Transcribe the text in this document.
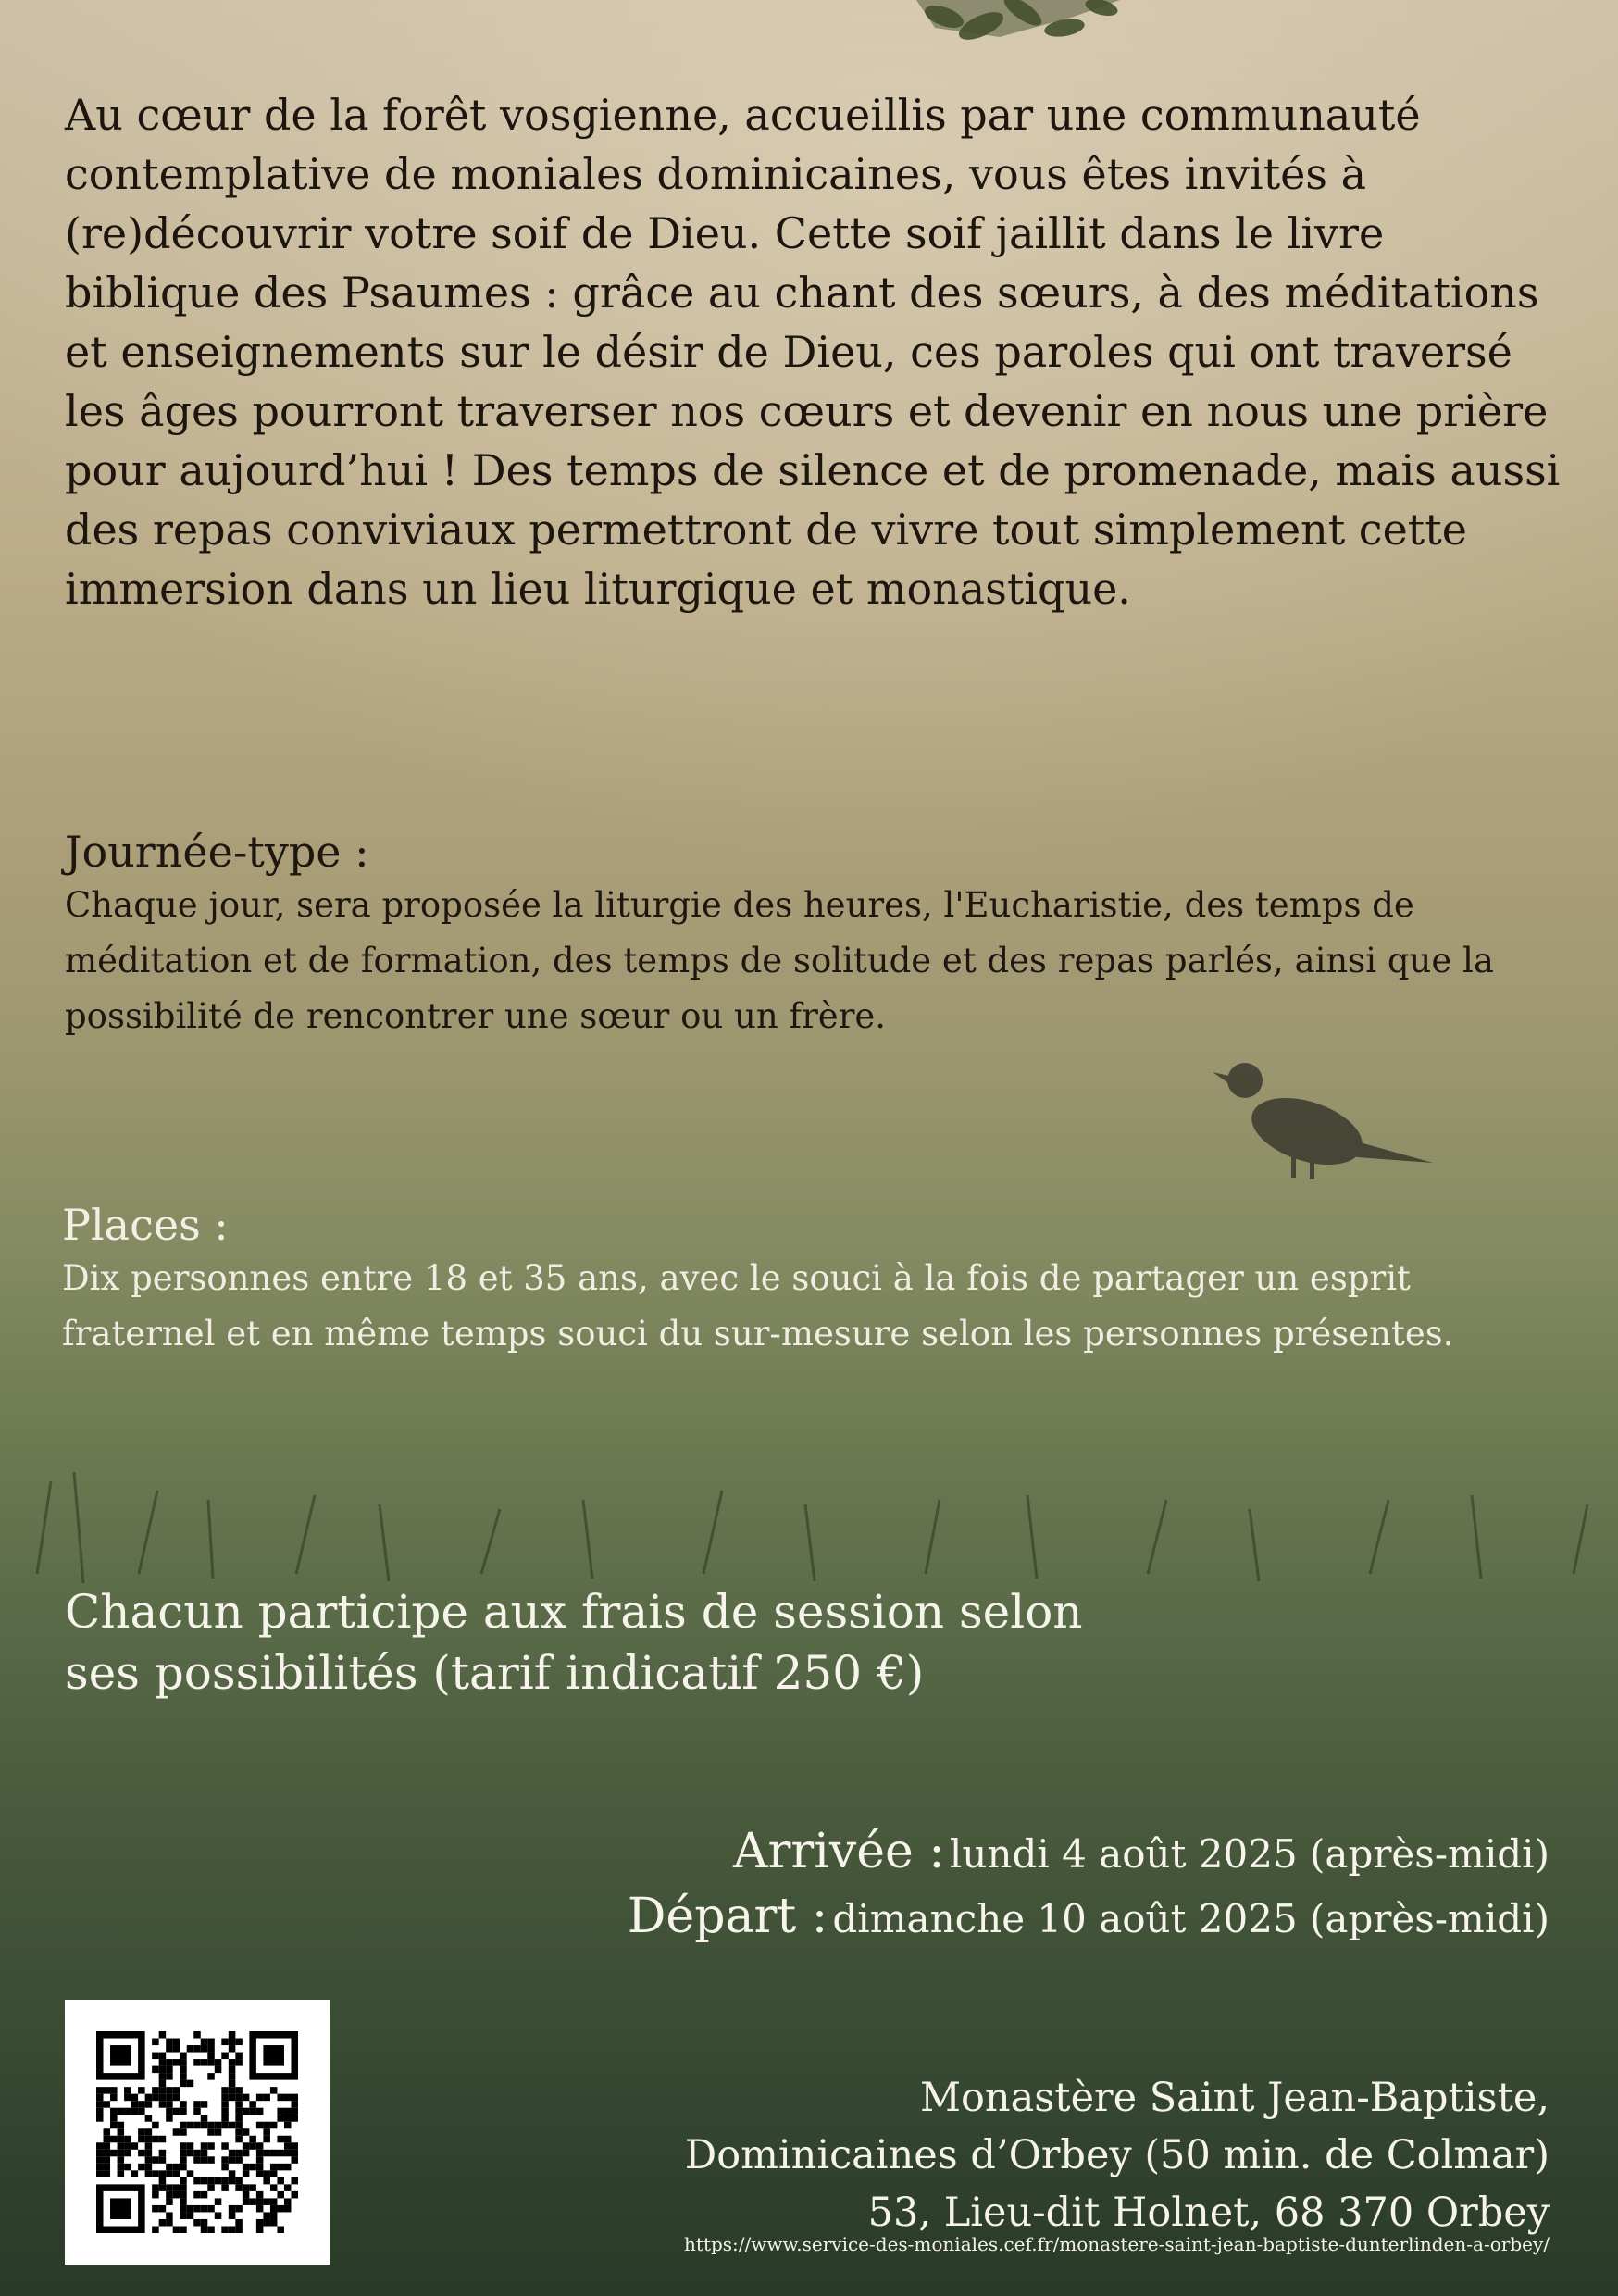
Au cœur de la forêt vosgienne, accueillis par une communauté contemplative de moniales dominicaines, vous êtes invités à (re)découvrir votre soif de Dieu. Cette soif jaillit dans le livre biblique des Psaumes : grâce au chant des sœurs, à des méditations et enseignements sur le désir de Dieu, ces paroles qui ont traversé les âges pourront traverser nos cœurs et devenir en nous une prière pour aujourd’hui ! Des temps de silence et de promenade, mais aussi des repas conviviaux permettront de vivre tout simplement cette immersion dans un lieu liturgique et monastique.

Journée-type :

Chaque jour, sera proposée la liturgie des heures, l'Eucharistie, des temps de méditation et de formation, des temps de solitude et des repas parlés, ainsi que la possibilité de rencontrer une sœur ou un frère.

Places :

Dix personnes entre 18 et 35 ans, avec le souci à la fois de partager un esprit fraternel et en même temps souci du sur-mesure selon les personnes présentes.

Chacun participe aux frais de session selon
ses possibilités (tarif indicatif 250 €)
Arrivée : lundi 4 août 2025 (après-midi)
Départ : dimanche 10 août 2025 (après-midi)
Monastère Saint Jean-Baptiste,
Dominicaines d’Orbey (50 min. de Colmar)
53, Lieu-dit Holnet, 68 370 Orbey
https://www.service-des-moniales.cef.fr/monastere-saint-jean-baptiste-dunterlinden-a-orbey/
